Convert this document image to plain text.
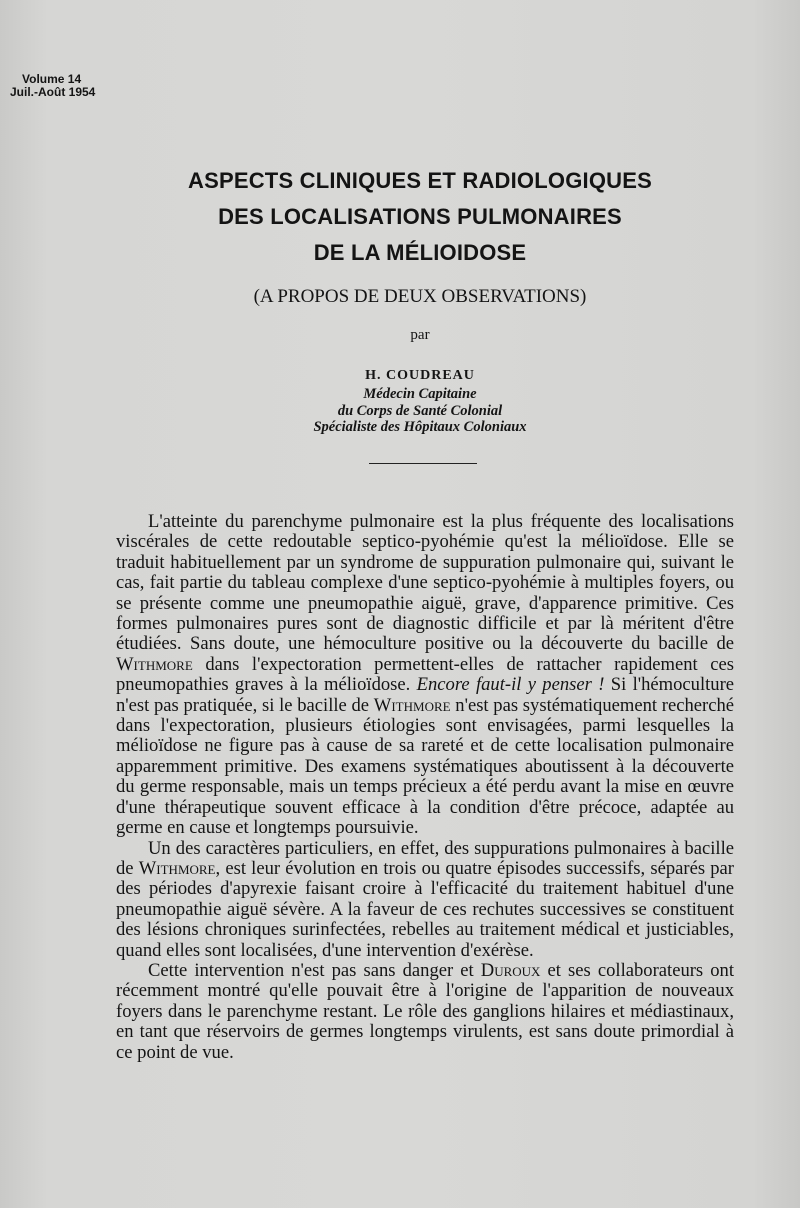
Volume 14
Juil.-Août 1954
ASPECTS CLINIQUES ET RADIOLOGIQUES
DES LOCALISATIONS PULMONAIRES
DE LA MÉLIOIDOSE
(A PROPOS DE DEUX OBSERVATIONS)
par
H. COUDREAU
Médecin Capitaine
du Corps de Santé Colonial
Spécialiste des Hôpitaux Coloniaux

L'atteinte du parenchyme pulmonaire est la plus fréquente des localisations viscérales de cette redoutable septico-pyohémie qu'est la mélioïdose. Elle se traduit habituellement par un syndrome de suppuration pulmonaire qui, suivant le cas, fait partie du tableau complexe d'une septico-pyohémie à multiples foyers, ou se présente comme une pneumopathie aiguë, grave, d'apparence primitive. Ces formes pulmonaires pures sont de diagnostic difficile et par là méritent d'être étudiées. Sans doute, une hémoculture positive ou la découverte du bacille de Withmore dans l'expectoration permettent-elles de rattacher rapidement ces pneumopathies graves à la mélioïdose. Encore faut-il y penser ! Si l'hémoculture n'est pas pratiquée, si le bacille de Withmore n'est pas systématiquement recherché dans l'expectoration, plusieurs étiologies sont envisagées, parmi lesquelles la mélioïdose ne figure pas à cause de sa rareté et de cette localisation pulmonaire apparemment primitive. Des examens systématiques aboutissent à la découverte du germe responsable, mais un temps précieux a été perdu avant la mise en œuvre d'une thérapeutique souvent efficace à la condition d'être précoce, adaptée au germe en cause et longtemps poursuivie.

Un des caractères particuliers, en effet, des suppurations pulmonaires à bacille de Withmore, est leur évolution en trois ou quatre épisodes successifs, séparés par des périodes d'apyrexie faisant croire à l'efficacité du traitement habituel d'une pneumopathie aiguë sévère. A la faveur de ces rechutes successives se constituent des lésions chroniques surinfectées, rebelles au traitement médical et justiciables, quand elles sont localisées, d'une intervention d'exérèse.

Cette intervention n'est pas sans danger et Duroux et ses collaborateurs ont récemment montré qu'elle pouvait être à l'origine de l'apparition de nouveaux foyers dans le parenchyme restant. Le rôle des ganglions hilaires et médiastinaux, en tant que réservoirs de germes longtemps virulents, est sans doute primordial à ce point de vue.
